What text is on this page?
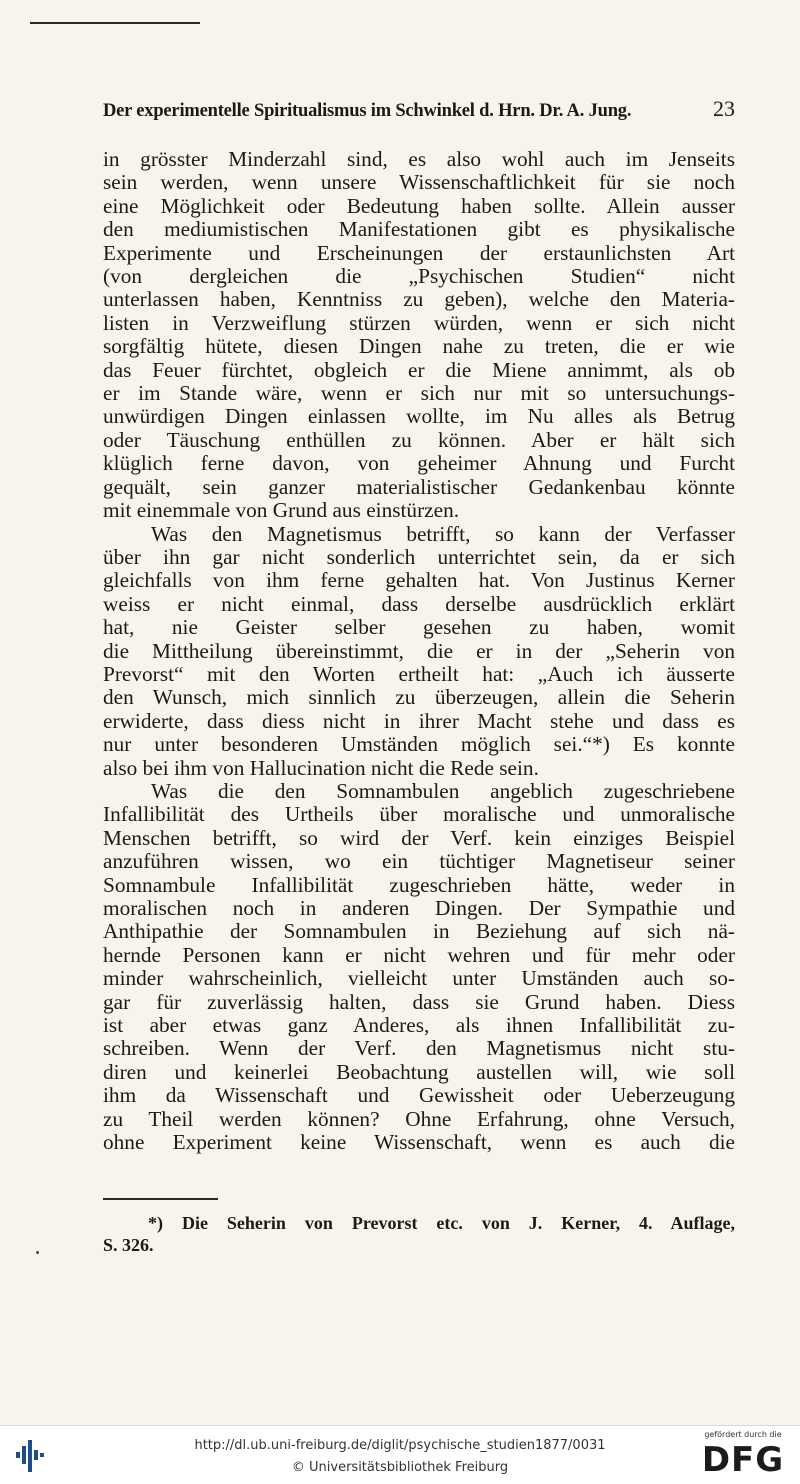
Der experimentelle Spiritualismus im Schwinkel d. Hrn. Dr. A. Jung.	23
in grösster Minderzahl sind, es also wohl auch im Jenseits
sein werden, wenn unsere Wissenschaftlichkeit für sie noch
eine Möglichkeit oder Bedeutung haben sollte. Allein ausser
den mediumistischen Manifestationen gibt es physikalische
Experimente und Erscheinungen der erstaunlichsten Art
(von dergleichen die „Psychischen Studien“ nicht
unterlassen haben, Kenntniss zu geben), welche den Materia-
listen in Verzweiflung stürzen würden, wenn er sich nicht
sorgfältig hütete, diesen Dingen nahe zu treten, die er wie
das Feuer fürchtet, obgleich er die Miene annimmt, als ob
er im Stande wäre, wenn er sich nur mit so untersuchungs-
unwürdigen Dingen einlassen wollte, im Nu alles als Betrug
oder Täuschung enthüllen zu können. Aber er hält sich
klüglich ferne davon, von geheimer Ahnung und Furcht
gequält, sein ganzer materialistischer Gedankenbau könnte
mit einemmale von Grund aus einstürzen.
Was den Magnetismus betrifft, so kann der Verfasser
über ihn gar nicht sonderlich unterrichtet sein, da er sich
gleichfalls von ihm ferne gehalten hat. Von Justinus Kerner
weiss er nicht einmal, dass derselbe ausdrücklich erklärt
hat, nie Geister selber gesehen zu haben, womit
die Mittheilung übereinstimmt, die er in der „Seherin von
Prevorst“ mit den Worten ertheilt hat: „Auch ich äusserte
den Wunsch, mich sinnlich zu überzeugen, allein die Seherin
erwiderte, dass diess nicht in ihrer Macht stehe und dass es
nur unter besonderen Umständen möglich sei.“*) Es konnte
also bei ihm von Hallucination nicht die Rede sein.
Was die den Somnambulen angeblich zugeschriebene
Infallibilität des Urtheils über moralische und unmoralische
Menschen betrifft, so wird der Verf. kein einziges Beispiel
anzuführen wissen, wo ein tüchtiger Magnetiseur seiner
Somnambule Infallibilität zugeschrieben hätte, weder in
moralischen noch in anderen Dingen. Der Sympathie und
Anthipathie der Somnambulen in Beziehung auf sich nä-
hernde Personen kann er nicht wehren und für mehr oder
minder wahrscheinlich, vielleicht unter Umständen auch so-
gar für zuverlässig halten, dass sie Grund haben. Diess
ist aber etwas ganz Anderes, als ihnen Infallibilität zu-
schreiben. Wenn der Verf. den Magnetismus nicht stu-
diren und keinerlei Beobachtung austellen will, wie soll
ihm da Wissenschaft und Gewissheit oder Ueberzeugung
zu Theil werden können? Ohne Erfahrung, ohne Versuch,
ohne Experiment keine Wissenschaft, wenn es auch die
*) Die Seherin von Prevorst etc. von J. Kerner, 4. Auflage,
S. 326.
http://dl.ub.uni-freiburg.de/diglit/psychische_studien1877/0031
© Universitätsbibliothek Freiburg
gefördert durch die
DFG
